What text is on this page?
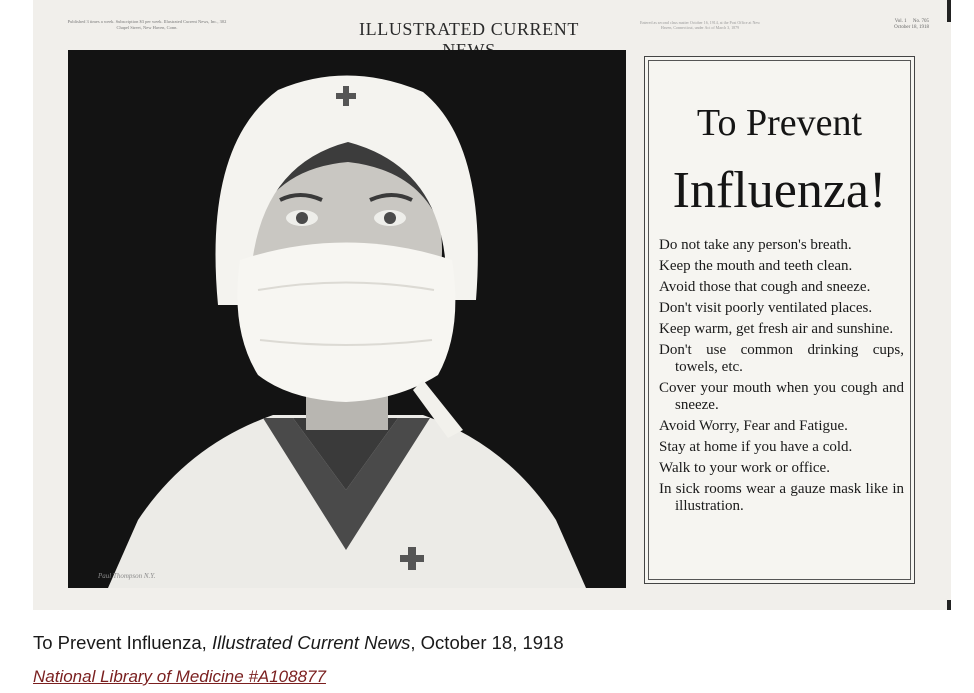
Published 3 times a week. Subscription $3 per week. Illustrated Current News, Inc., 302 Chapel Street, New Haven, Conn.	ILLUSTRATED CURRENT	Entered as second class matter October 16, 1914, at the Post Office at New Haven, Connecticut, under Act of March 3, 1879
Vol. 1 No. 705
October 18, 1918
Paul Thompson N.Y.
To Prevent
Influenza!
Do not take any person's breath.
Keep the mouth and teeth clean.
Avoid those that cough and sneeze.
Don't visit poorly ventilated places.
Keep warm, get fresh air and sunshine.
Don't use common drinking cups, towels, etc.
Cover your mouth when you cough and sneeze.
Avoid Worry, Fear and Fatigue.
Stay at home if you have a cold.
Walk to your work or office.
In sick rooms wear a gauze mask like in illustration.
To Prevent Influenza, Illustrated Current News, October 18, 1918
National Library of Medicine #A108877
